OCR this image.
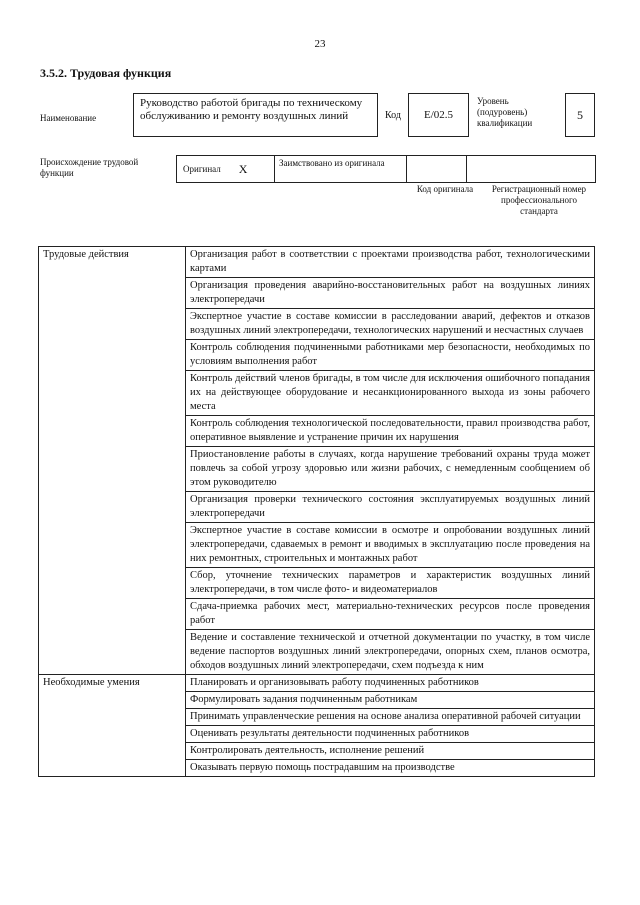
23
3.5.2. Трудовая функция
Наименование
Руководство работой бригады по техническому обслуживанию и ремонту воздушных линий	Код	E/02.5
Уровень (подуровень) квалификации
5
Происхождение трудовой функции	Оригинал X	Заимствовано из оригинала
Код оригинала	Регистрационный номер профессионального стандарта
Трудовые действия	Организация работ в соответствии с проектами производства работ, технологическими картами
	Организация проведения аварийно-восстановительных работ на воздушных линиях электропередачи
	Экспертное участие в составе комиссии в расследовании аварий, дефектов и отказов воздушных линий электропередачи, технологических нарушений и несчастных случаев
	Контроль соблюдения подчиненными работниками мер безопасности, необходимых по условиям выполнения работ
	Контроль действий членов бригады, в том числе для исключения ошибочного попадания их на действующее оборудование и несанкционированного выхода из зоны рабочего места
	Контроль соблюдения технологической последовательности, правил производства работ, оперативное выявление и устранение причин их нарушения
	Приостановление работы в случаях, когда нарушение требований охраны труда может повлечь за собой угрозу здоровью или жизни рабочих, с немедленным сообщением об этом руководителю
	Организация проверки технического состояния эксплуатируемых воздушных линий электропередачи
	Экспертное участие в составе комиссии в осмотре и опробовании воздушных линий электропередачи, сдаваемых в ремонт и вводимых в эксплуатацию после проведения на них ремонтных, строительных и монтажных работ
	Сбор, уточнение технических параметров и характеристик воздушных линий электропередачи, в том числе фото- и видеоматериалов
	Сдача-приемка рабочих мест, материально-технических ресурсов после проведения работ
	Ведение и составление технической и отчетной документации по участку, в том числе ведение паспортов воздушных линий электропередачи, опорных схем, планов осмотра, обходов воздушных линий электропередачи, схем подъезда к ним
Необходимые умения	Планировать и организовывать работу подчиненных работников
	Формулировать задания подчиненным работникам
	Принимать управленческие решения на основе анализа оперативной рабочей ситуации
	Оценивать результаты деятельности подчиненных работников
	Контролировать деятельность, исполнение решений
	Оказывать первую помощь пострадавшим на производстве
